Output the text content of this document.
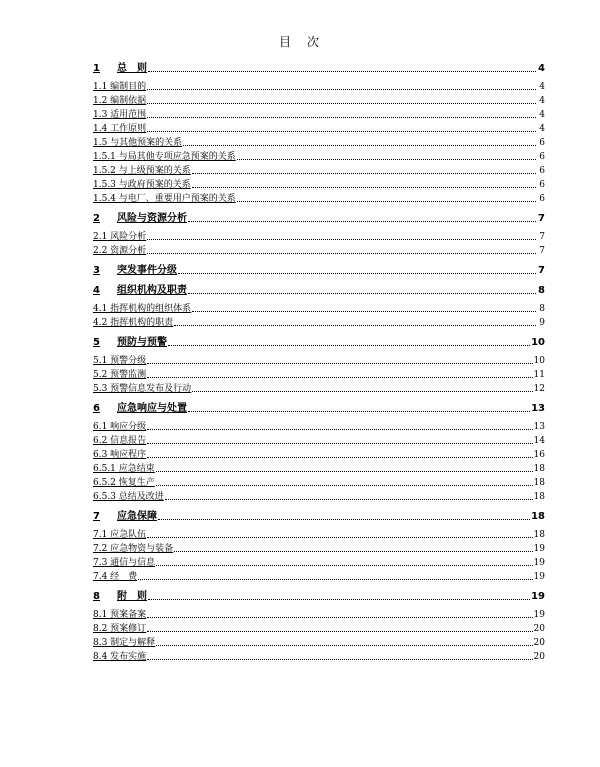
目　次
1	总　则	4
1.1 编制目的	4
1.2 编制依据	4
1.3 适用范围	4
1.4 工作原则	4
1.5 与其他预案的关系	6
1.5.1 与局其他专项应急预案的关系	6
1.5.2 与上级预案的关系	6
1.5.3 与政府预案的关系	6
1.5.4 与电厂、重要用户预案的关系	6
2	风险与资源分析	7
2.1 风险分析	7
2.2 资源分析	7
3	突发事件分级	7
4	组织机构及职责	8
4.1 指挥机构的组织体系	8
4.2 指挥机构的职责	9
5	预防与预警	10
5.1 预警分级	10
5.2 预警监测	11
5.3 预警信息发布及行动	12
6	应急响应与处置	13
6.1 响应分级	13
6.2 信息报告	14
6.3 响应程序	16
6.5.1 应急结束	18
6.5.2 恢复生产	18
6.5.3 总结及改进	18
7	应急保障	18
7.1 应急队伍	18
7.2 应急物资与装备	19
7.3 通信与信息	19
7.4 经　费	19
8	附　则	19
8.1 预案备案	19
8.2 预案修订	20
8.3 制定与解释	20
8.4 发布实施	20
